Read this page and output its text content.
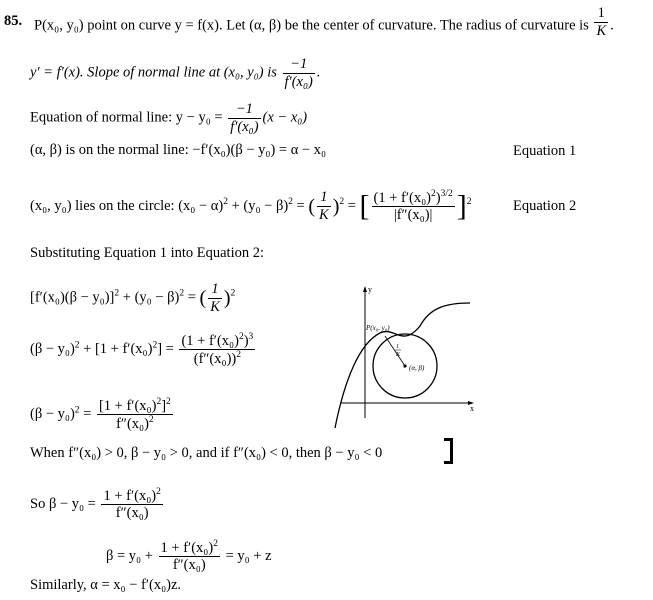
85. P(x₀, y₀) point on curve y = f(x). Let (α, β) be the center of curvature. The radius of curvature is $\frac{1}{K}$ .
y′ = f′(x). Slope of normal line at (x₀, y₀) is $\frac{-1}{\text{f′(x₀)}}$ .
Equation of normal line: $y - y_0 = \frac{-1}{\text{f′(x₀)}} (x - x_0)$
(α, β) is on the normal line: −f′(x₀)(β − y₀) = α − x₀	Equation 1
(x₀, y₀) lies on the circle: $(x_0 - \alpha)^2 + (y_0 - \beta)^2$ = ( $\frac{1}{K} )^2$ = [ $\frac{(1 + f'(x_0)^2)^{3/2}}{\text{|f″(x₀)|}} ]^2$	Equation 2
Substituting Equation 1 into Equation 2:
$[f'(x_0)(\beta - y_0)]^2 + (y_0 - \beta)^2$ = ( $\frac{1}{K} )^2$
$(\beta - y_0)^2 + [1 + f'(x_0)^2] = \frac{(1 + f'(x_0)^2)^3}{(f''(x_0))^2}$
$(\beta - y_0)^2 = \frac{[1 + f'(x_0)^2]^2}{f''(x_0)^2}$
When f″(x₀) > 0, β − y₀ > 0, and if f″(x₀) < 0, then β − y₀ < 0
So $\beta - y_0 = \frac{1 + f'(x_0)^2}{\text{f″(x₀)}}$
$\beta = y_0 + \frac{1 + f'(x_0)^2}{\text{f″(x₀)}} = y_0 + z$
Similarly, α = x₀ − f′(x₀)z.
y
x
P(x₀, y₀)
1
K
(α, β)
